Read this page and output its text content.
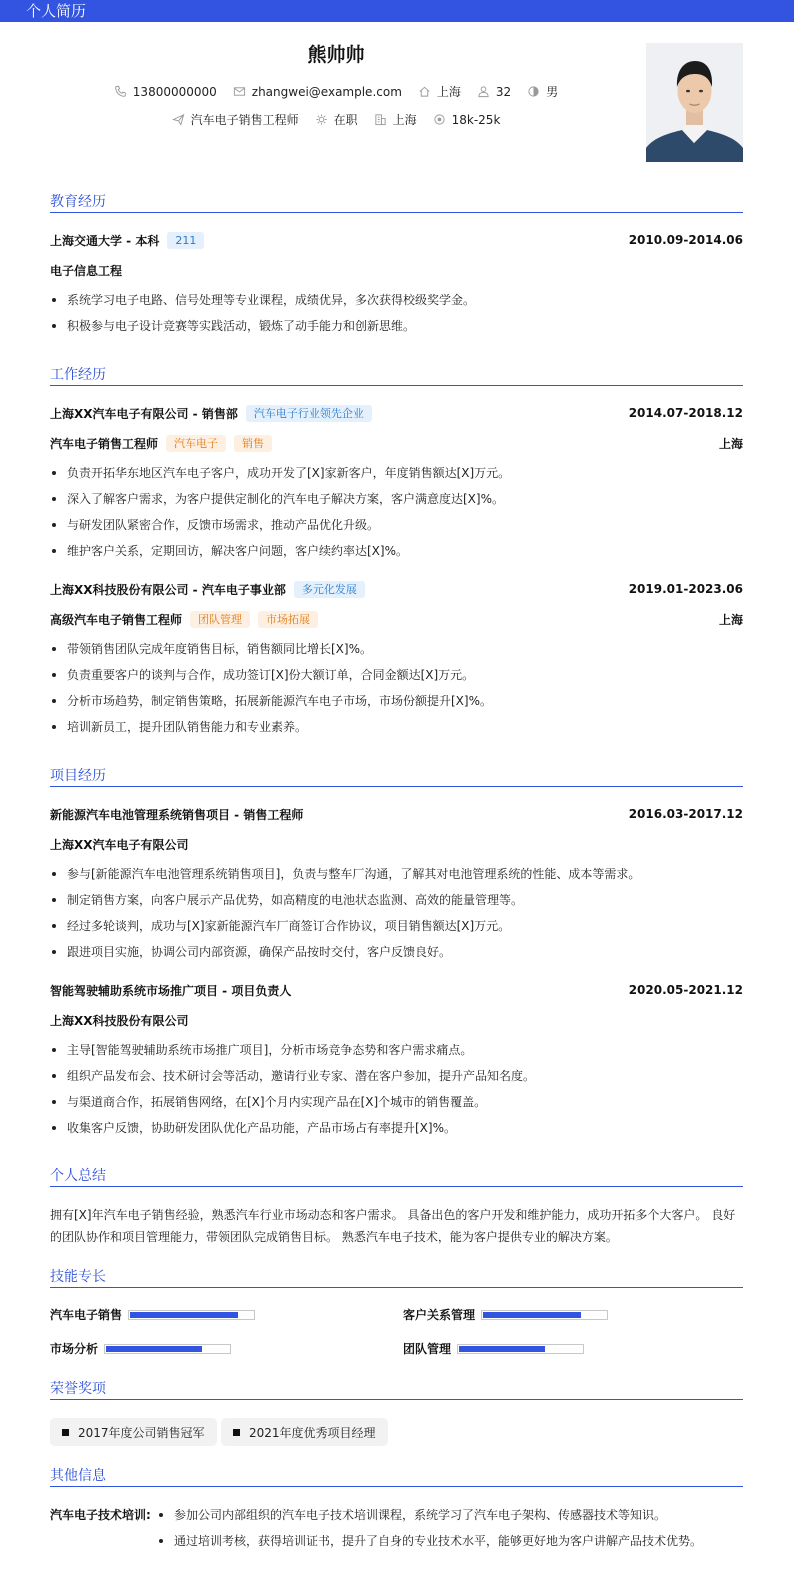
个人简历
熊帅帅
13800000000	zhangwei@example.com	上海	32	男
汽车电子销售工程师	在职	上海	18k-25k
教育经历
上海交通大学 - 本科	211	2010.09-2014.06
电子信息工程
系统学习电子电路、信号处理等专业课程，成绩优异，多次获得校级奖学金。
积极参与电子设计竞赛等实践活动，锻炼了动手能力和创新思维。
工作经历
上海XX汽车电子有限公司 - 销售部	汽车电子行业领先企业	2014.07-2018.12
汽车电子销售工程师	汽车电子	销售	上海
负责开拓华东地区汽车电子客户，成功开发了[X]家新客户，年度销售额达[X]万元。
深入了解客户需求，为客户提供定制化的汽车电子解决方案，客户满意度达[X]%。
与研发团队紧密合作，反馈市场需求，推动产品优化升级。
维护客户关系，定期回访，解决客户问题，客户续约率达[X]%。
上海XX科技股份有限公司 - 汽车电子事业部	多元化发展	2019.01-2023.06
高级汽车电子销售工程师	团队管理	市场拓展	上海
带领销售团队完成年度销售目标，销售额同比增长[X]%。
负责重要客户的谈判与合作，成功签订[X]份大额订单，合同金额达[X]万元。
分析市场趋势，制定销售策略，拓展新能源汽车电子市场，市场份额提升[X]%。
培训新员工，提升团队销售能力和专业素养。
项目经历
新能源汽车电池管理系统销售项目 - 销售工程师	2016.03-2017.12
上海XX汽车电子有限公司
参与[新能源汽车电池管理系统销售项目]，负责与整车厂沟通，了解其对电池管理系统的性能、成本等需求。
制定销售方案，向客户展示产品优势，如高精度的电池状态监测、高效的能量管理等。
经过多轮谈判，成功与[X]家新能源汽车厂商签订合作协议，项目销售额达[X]万元。
跟进项目实施，协调公司内部资源，确保产品按时交付，客户反馈良好。
智能驾驶辅助系统市场推广项目 - 项目负责人	2020.05-2021.12
上海XX科技股份有限公司
主导[智能驾驶辅助系统市场推广项目]，分析市场竞争态势和客户需求痛点。
组织产品发布会、技术研讨会等活动，邀请行业专家、潜在客户参加，提升产品知名度。
与渠道商合作，拓展销售网络，在[X]个月内实现产品在[X]个城市的销售覆盖。
收集客户反馈，协助研发团队优化产品功能，产品市场占有率提升[X]%。
个人总结
拥有[X]年汽车电子销售经验，熟悉汽车行业市场动态和客户需求。 具备出色的客户开发和维护能力，成功开拓多个大客户。 良好
的团队协作和项目管理能力，带领团队完成销售目标。 熟悉汽车电子技术，能为客户提供专业的解决方案。
技能专长
汽车电子销售	客户关系管理
市场分析	团队管理
荣誉奖项
2017年度公司销售冠军	2021年度优秀项目经理
其他信息
汽车电子技术培训:	参加公司内部组织的汽车电子技术培训课程，系统学习了汽车电子架构、传感器技术等知识。
通过培训考核，获得培训证书，提升了自身的专业技术水平，能够更好地为客户讲解产品技术优势。
